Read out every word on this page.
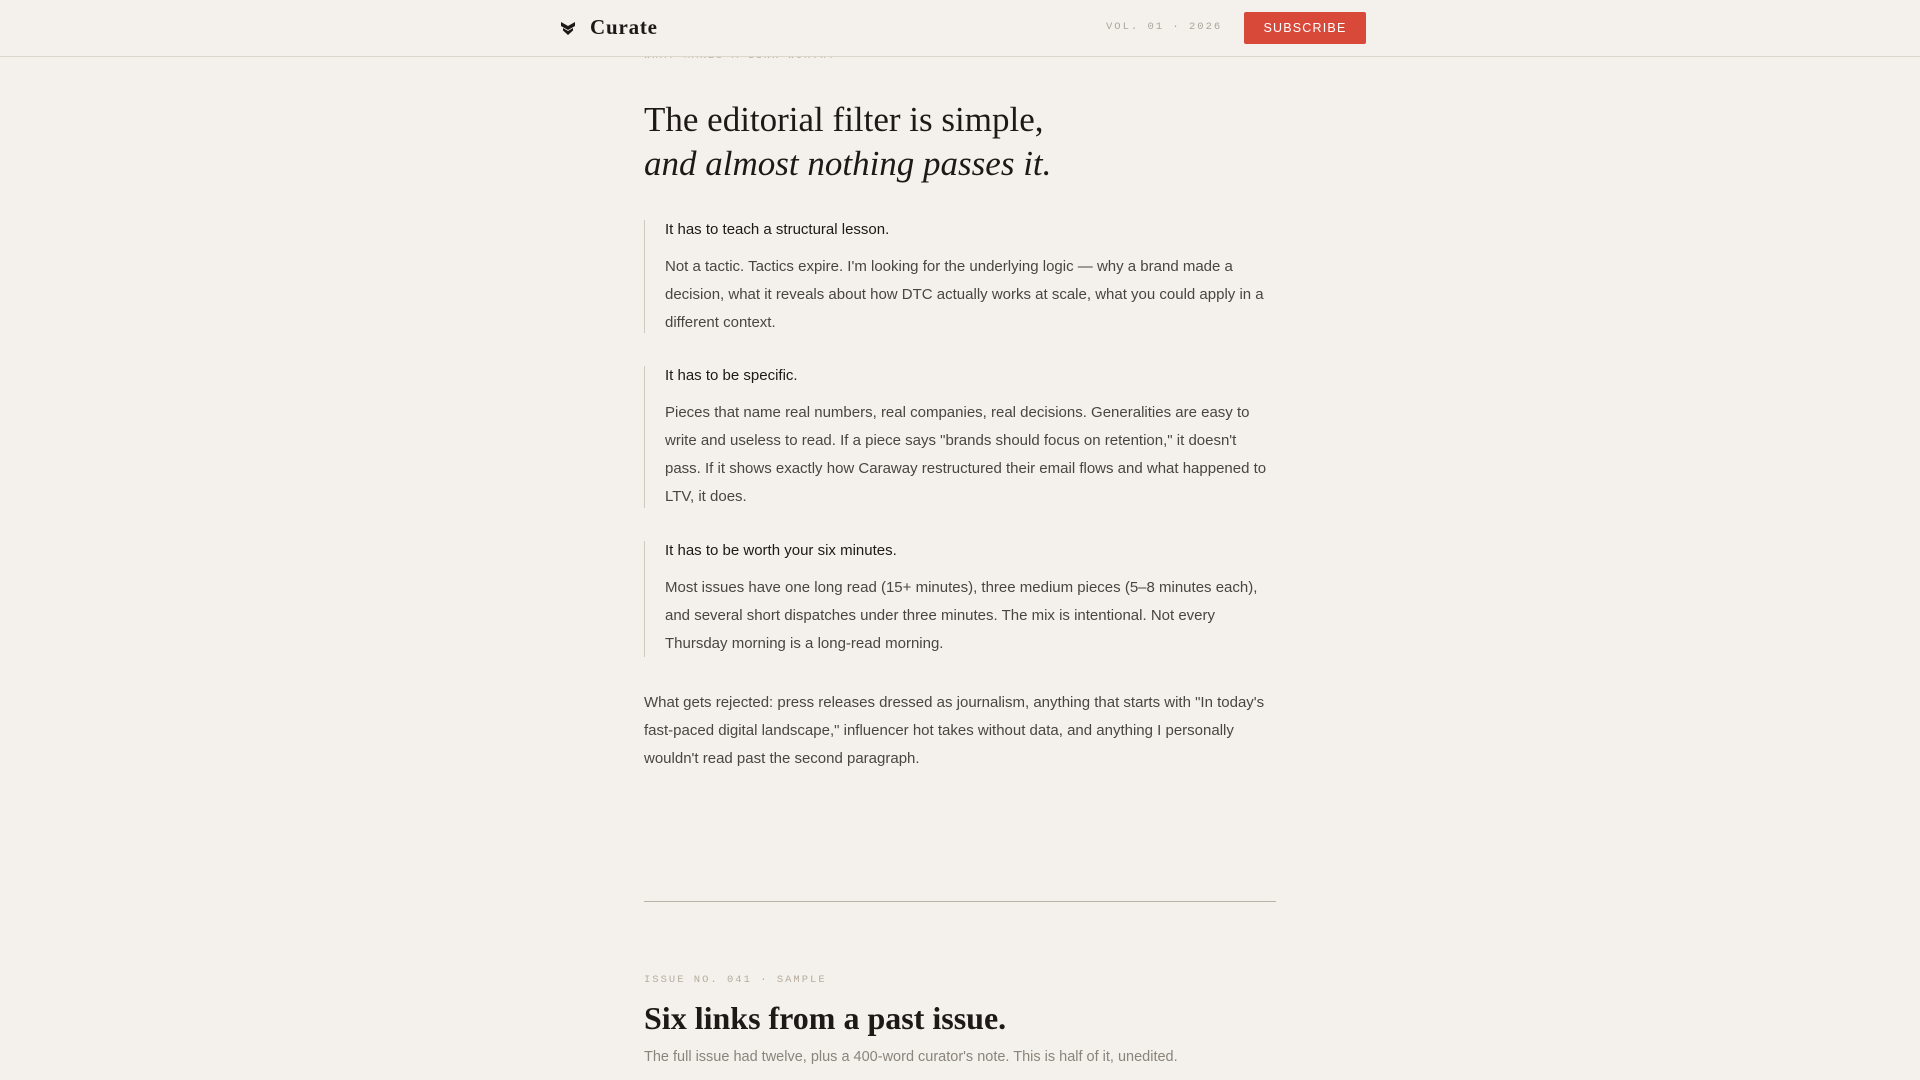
Curate	VOL. 01 · 2026	SUBSCRIBE
The editorial filter is simple,
and almost nothing passes it.
It has to teach a structural lesson.

Not a tactic. Tactics expire. I'm looking for the underlying logic — why a brand made a decision, what it reveals about how DTC actually works at scale, what you could apply in a different context.

It has to be specific.

Pieces that name real numbers, real companies, real decisions. Generalities are easy to write and useless to read. If a piece says "brands should focus on retention," it doesn't pass. If it shows exactly how Caraway restructured their email flows and what happened to LTV, it does.

It has to be worth your six minutes.

Most issues have one long read (15+ minutes), three medium pieces (5–8 minutes each), and several short dispatches under three minutes. The mix is intentional. Not every Thursday morning is a long-read morning.

What gets rejected: press releases dressed as journalism, anything that starts with "In today's fast-paced digital landscape," influencer hot takes without data, and anything I personally wouldn't read past the second paragraph.

ISSUE NO. 041 · SAMPLE
Six links from a past issue.

The full issue had twelve, plus a 400-word curator's note. This is half of it, unedited.
